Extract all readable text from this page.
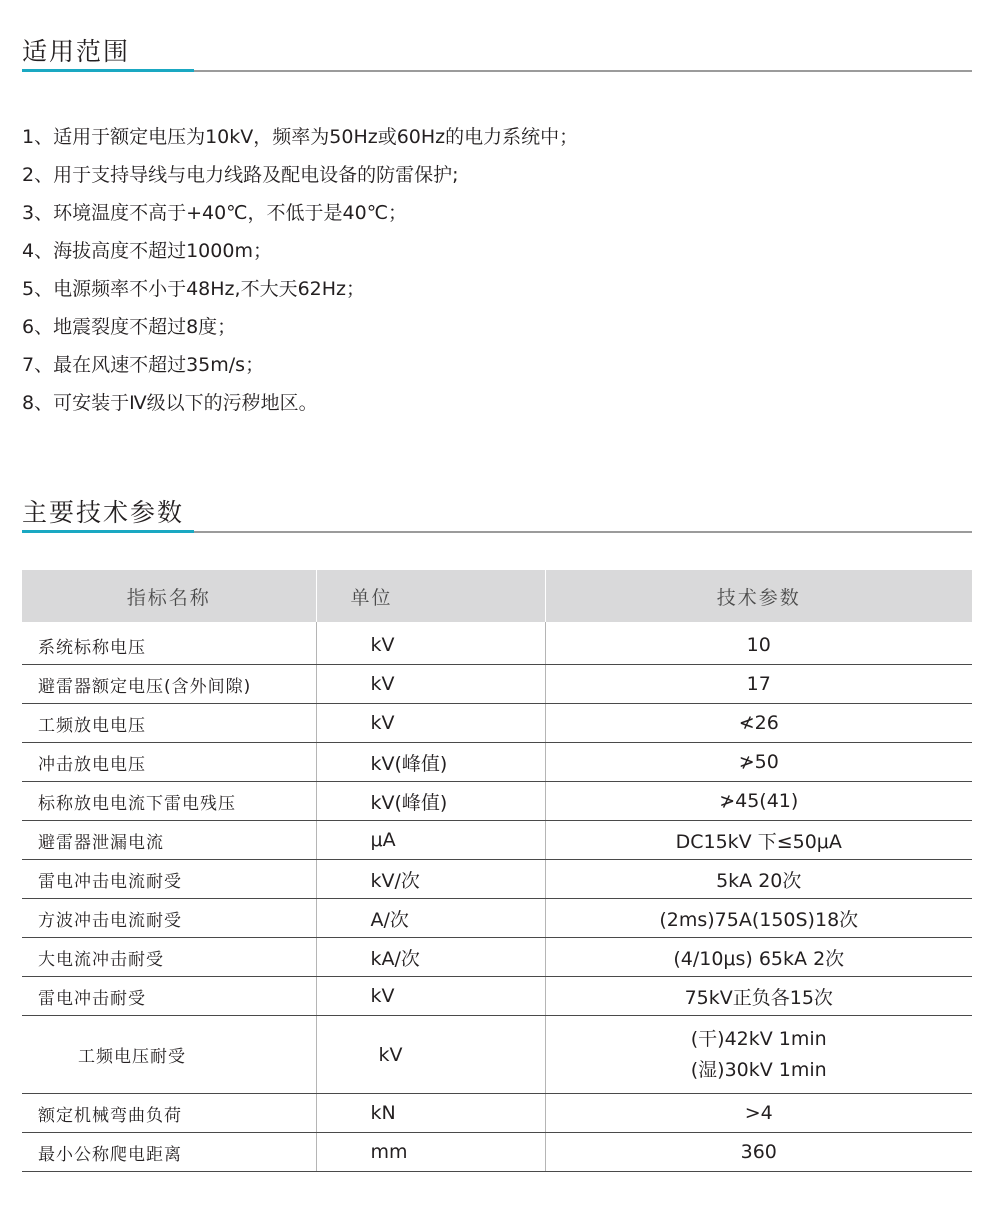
适用范围
1、适用于额定电压为10kV，频率为50Hz或60Hz的电力系统中；
2、用于支持导线与电力线路及配电设备的防雷保护;
3、环境温度不高于+40℃，不低于是40℃；
4、海拔高度不超过1000m；
5、电源频率不小于48Hz,不大天62Hz；
6、地震裂度不超过8度；
7、最在风速不超过35m/s；
8、可安装于Ⅳ级以下的污秽地区。
主要技术参数
指标名称	单位	技术参数

系统标称电压	kV	10
避雷器额定电压(含外间隙)	kV	17
工频放电电压	kV	≮26
冲击放电电压	kV(峰值)	≯50
标称放电电流下雷电残压	kV(峰值)	≯45(41)
避雷器泄漏电流	μA	DC15kV 下≤50μA
雷电冲击电流耐受	kV/次	5kA 20次
方波冲击电流耐受	A/次	(2ms)75A(150S)18次
大电流冲击耐受	kA/次	(4/10μs) 65kA 2次
雷电冲击耐受	kV	75kV正负各15次
工频电压耐受	kV	(干)42kV 1min
(湿)30kV 1min

额定机械弯曲负荷	kN	>4
最小公称爬电距离	mm	360
